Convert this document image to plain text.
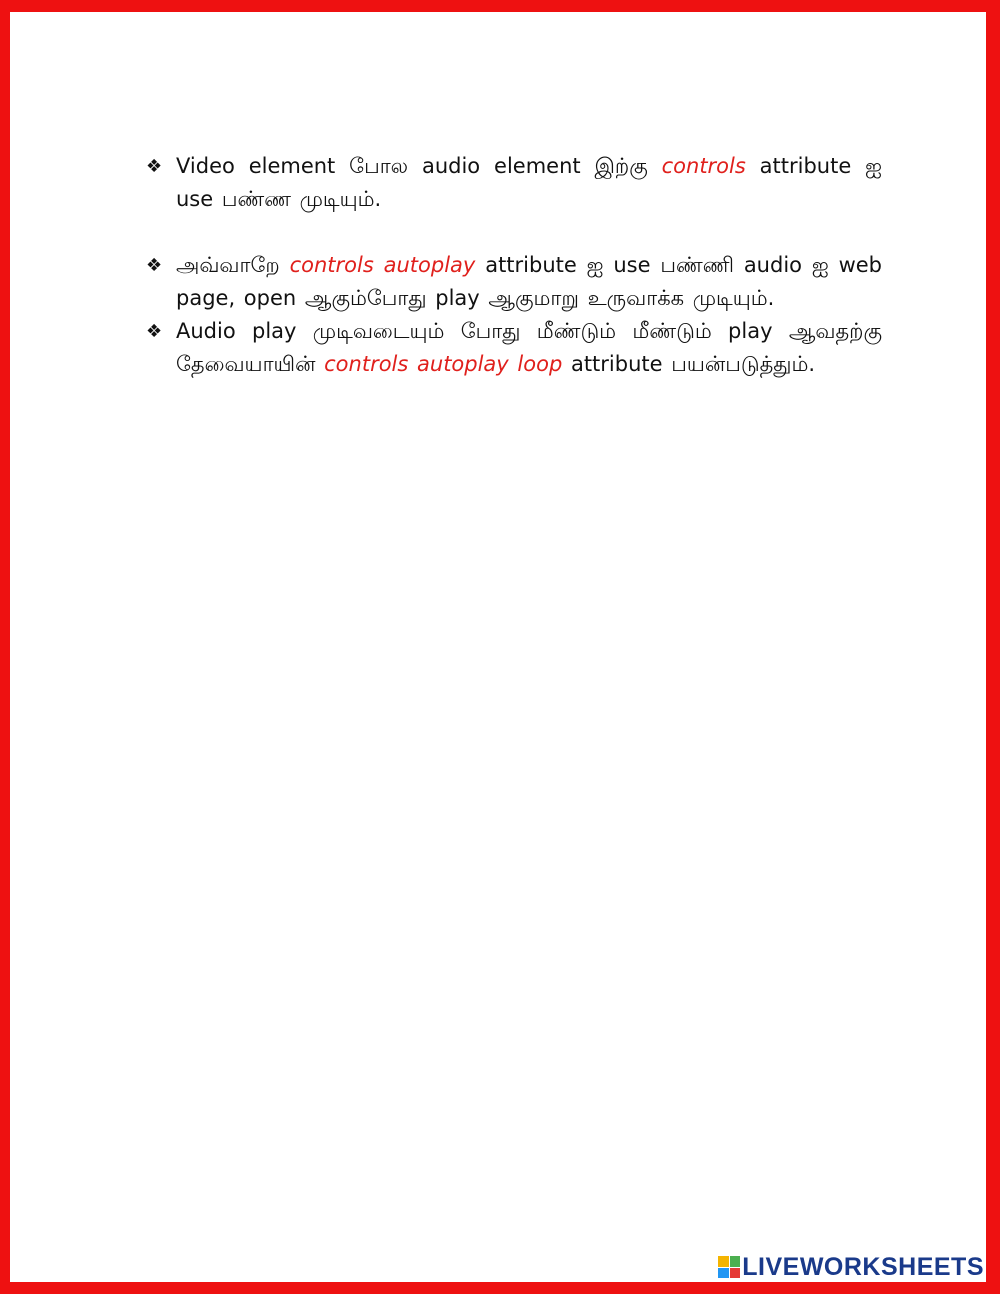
❖ Video element போல audio element இற்கு controls attribute ஐ use பண்ண முடியும்.
❖ அவ்வாறே controls autoplay attribute ஐ use பண்ணி audio ஐ web page, open ஆகும்போது play ஆகுமாறு உருவாக்க முடியும்.
❖ Audio play முடிவடையும் போது மீண்டும் மீண்டும் play ஆவதற்கு தேவையாயின் controls autoplay loop attribute பயன்படுத்தும்.
LIVEWORKSHEETS
